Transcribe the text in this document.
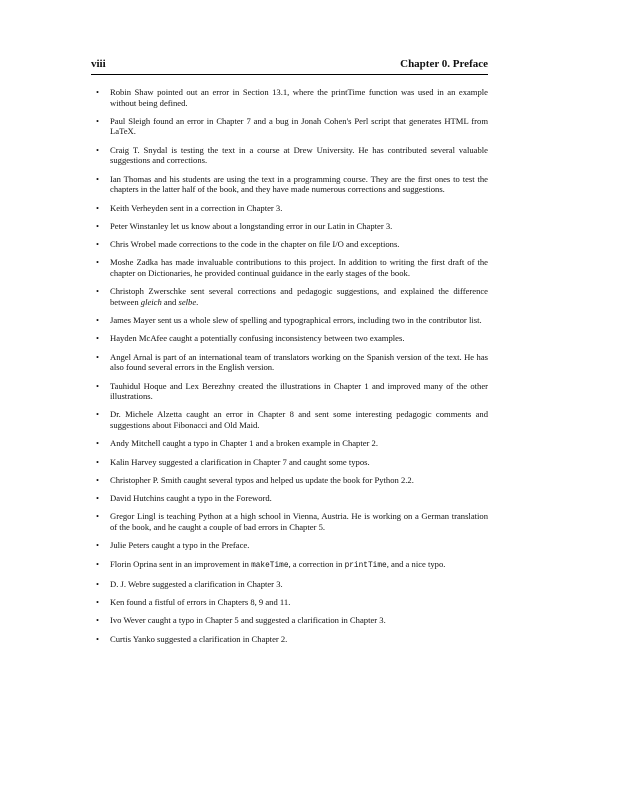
viii	Chapter 0. Preface
• Robin Shaw pointed out an error in Section 13.1, where the printTime function was used in an example without being defined.
• Paul Sleigh found an error in Chapter 7 and a bug in Jonah Cohen's Perl script that generates HTML from LaTeX.
• Craig T. Snydal is testing the text in a course at Drew University. He has contributed several valuable suggestions and corrections.
• Ian Thomas and his students are using the text in a programming course. They are the first ones to test the chapters in the latter half of the book, and they have made numerous corrections and suggestions.
• Keith Verheyden sent in a correction in Chapter 3.
• Peter Winstanley let us know about a longstanding error in our Latin in Chapter 3.
• Chris Wrobel made corrections to the code in the chapter on file I/O and exceptions.
• Moshe Zadka has made invaluable contributions to this project. In addition to writing the first draft of the chapter on Dictionaries, he provided continual guidance in the early stages of the book.
• Christoph Zwerschke sent several corrections and pedagogic suggestions, and explained the difference between gleich and selbe.
• James Mayer sent us a whole slew of spelling and typographical errors, including two in the contributor list.
• Hayden McAfee caught a potentially confusing inconsistency between two examples.
• Angel Arnal is part of an international team of translators working on the Spanish version of the text. He has also found several errors in the English version.
• Tauhidul Hoque and Lex Berezhny created the illustrations in Chapter 1 and improved many of the other illustrations.
• Dr. Michele Alzetta caught an error in Chapter 8 and sent some interesting pedagogic comments and suggestions about Fibonacci and Old Maid.
• Andy Mitchell caught a typo in Chapter 1 and a broken example in Chapter 2.
• Kalin Harvey suggested a clarification in Chapter 7 and caught some typos.
• Christopher P. Smith caught several typos and helped us update the book for Python 2.2.
• David Hutchins caught a typo in the Foreword.
• Gregor Lingl is teaching Python at a high school in Vienna, Austria. He is working on a German translation of the book, and he caught a couple of bad errors in Chapter 5.
• Julie Peters caught a typo in the Preface.
• Florin Oprina sent in an improvement in makeTime, a correction in printTime, and a nice typo.
• D. J. Webre suggested a clarification in Chapter 3.
• Ken found a fistful of errors in Chapters 8, 9 and 11.
• Ivo Wever caught a typo in Chapter 5 and suggested a clarification in Chapter 3.
• Curtis Yanko suggested a clarification in Chapter 2.
